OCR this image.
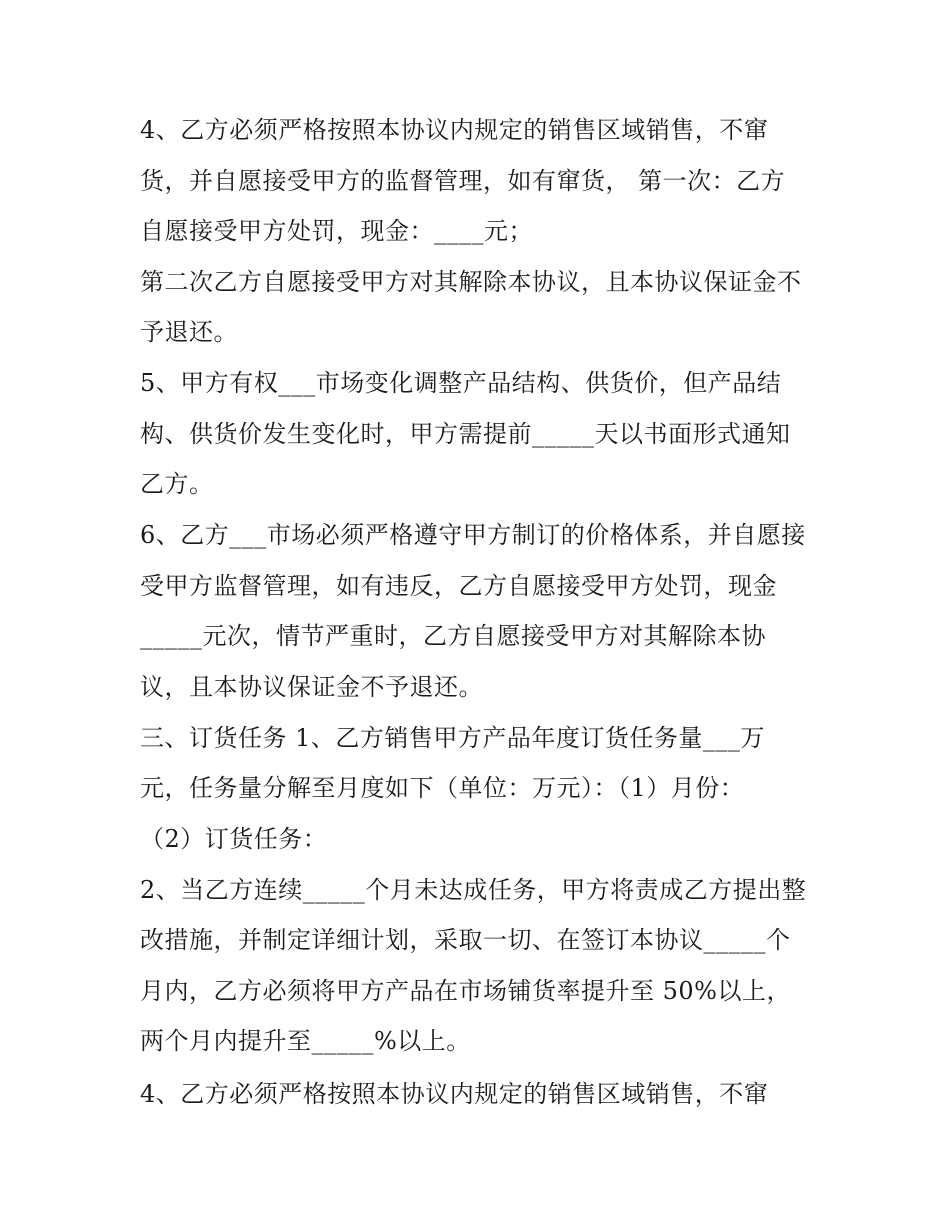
4、乙方必须严格按照本协议内规定的销售区域销售，不窜
货，并自愿接受甲方的监督管理，如有窜货， 第一次：乙方
自愿接受甲方处罚，现金：____元；
第二次乙方自愿接受甲方对其解除本协议，且本协议保证金不
予退还。
5、甲方有权___市场变化调整产品结构、供货价，但产品结
构、供货价发生变化时，甲方需提前_____天以书面形式通知
乙方。
6、乙方___市场必须严格遵守甲方制订的价格体系，并自愿接
受甲方监督管理，如有违反，乙方自愿接受甲方处罚，现金
_____元次，情节严重时，乙方自愿接受甲方对其解除本协
议，且本协议保证金不予退还。
三、订货任务 1、乙方销售甲方产品年度订货任务量___万
元，任务量分解至月度如下（单位：万元）：（1）月份：
（2）订货任务：
2、当乙方连续_____个月未达成任务，甲方将责成乙方提出整
改措施，并制定详细计划，采取一切、在签订本协议_____个
月内，乙方必须将甲方产品在市场铺货率提升至 50%以上，
两个月内提升至_____%以上。
4、乙方必须严格按照本协议内规定的销售区域销售，不窜
